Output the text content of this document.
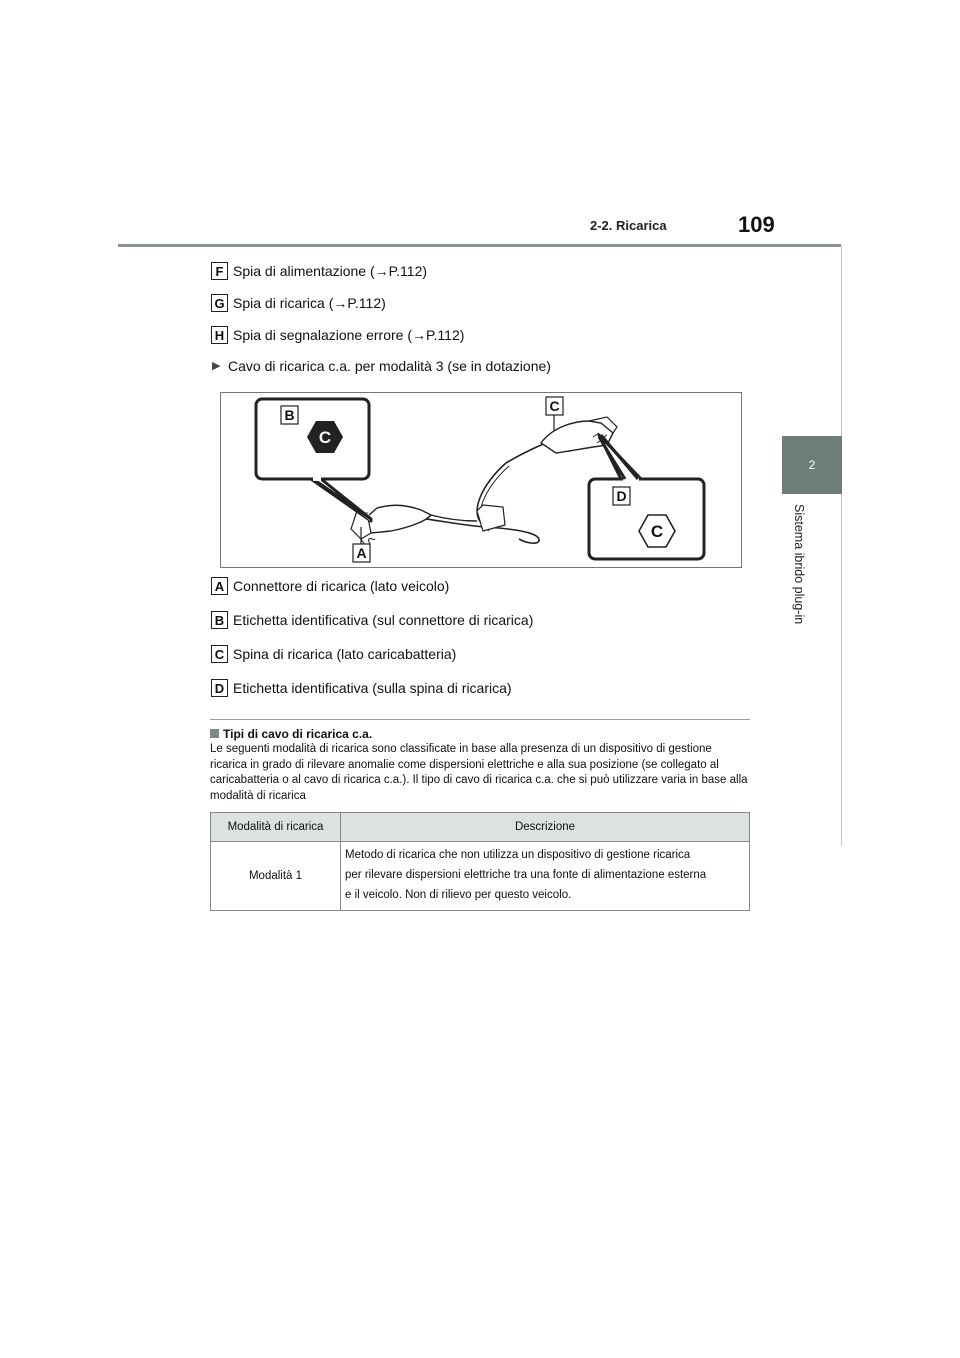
2-2. Ricarica	109
2
Sistema ibrido plug-in
F Spia di alimentazione (→P.112)
G Spia di ricarica (→P.112)
H Spia di segnalazione errore (→P.112)
▶ Cavo di ricarica c.a. per modalità 3 (se in dotazione)
B
C
D
A
C
C
A Connettore di ricarica (lato veicolo)
B Etichetta identificativa (sul connettore di ricarica)
C Spina di ricarica (lato caricabatteria)
D Etichetta identificativa (sulla spina di ricarica)
Tipi di cavo di ricarica c.a.
Le seguenti modalità di ricarica sono classificate in base alla presenza di un dispositivo di gestione ricarica in grado di rilevare anomalie come dispersioni elettriche e alla sua posizione (se collegato al caricabatteria o al cavo di ricarica c.a.). Il tipo di cavo di ricarica c.a. che si può utilizzare varia in base alla modalità di ricarica
Modalità di ricarica	Descrizione
Modalità 1	Metodo di ricarica che non utilizza un dispositivo di gestione ricarica
per rilevare dispersioni elettriche tra una fonte di alimentazione esterna
e il veicolo. Non di rilievo per questo veicolo.
